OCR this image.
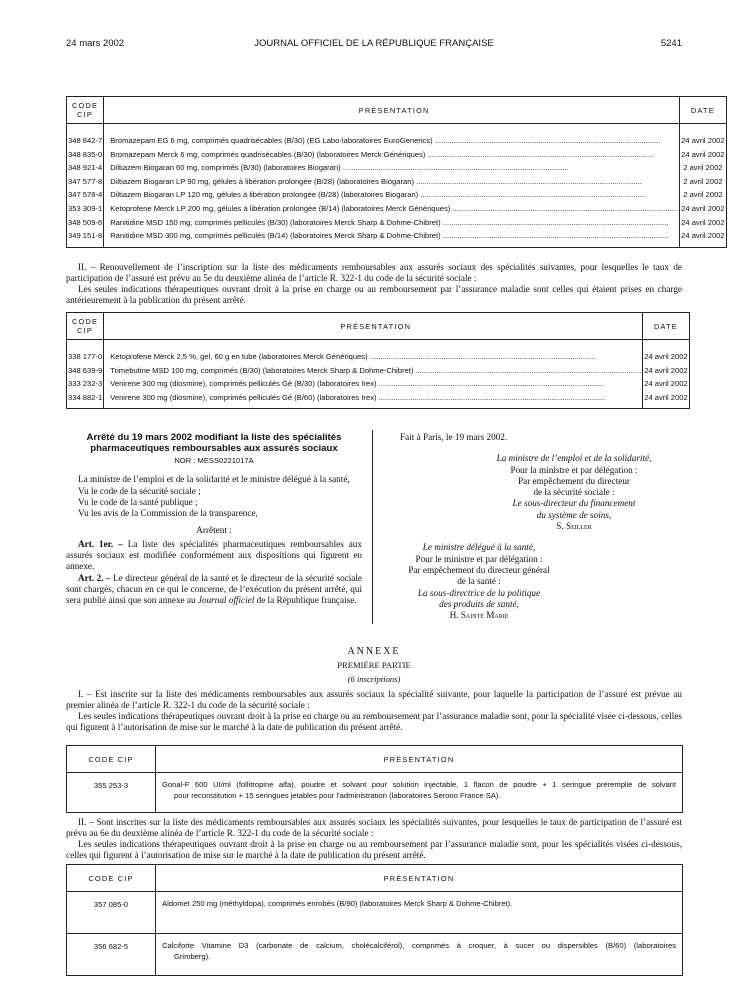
24 mars 2002	JOURNAL OFFICIEL DE LA RÉPUBLIQUE FRANÇAISE	5241
CODE CIP	PRÉSENTATION	DATE
348 842-7	Bromazepam EG 6 mg, comprimés quadrisécables (B/30) (EG Labo-laboratoires EuroGenerics) .....	24 avril 2002
348 835-0	Bromazepam Merck 6 mg, comprimés quadrisécables (B/30) (laboratoires Merck Génériques) .....	24 avril 2002
348 921-4	Diltiazem Biogaran 60 mg, comprimés (B/30) (laboratoires Biogaran) .....	2 avril 2002
347 577-8	Diltiazem Biogaran LP 90 mg, gélules à libération prolongée (B/28) (laboratoires Biogaran) .....	2 avril 2002
347 578-4	Diltiazem Biogaran LP 120 mg, gélules à libération prolongée (B/28) (laboratoires Biogaran) .....	2 avril 2002
353 309-1	Ketoprofene Merck LP 200 mg, gélules à libération prolongée (B/14) (laboratoires Merck Génériques) .....	24 avril 2002
348 509-6	Ranitidine MSD 150 mg, comprimés pelliculés (B/30) (laboratoires Merck Sharp & Dohme-Chibret) .....	24 avril 2002
349 151-8	Ranitidine MSD 300 mg, comprimés pelliculés (B/14) (laboratoires Merck Sharp & Dohme-Chibret) .....	24 avril 2002

II. – Renouvellement de l’inscription sur la liste des médicaments remboursables aux assurés sociaux des spécialités suivantes, pour lesquelles le taux de participation de l’assuré est prévu au 5e du deuxième alinéa de l’article R. 322-1 du code de la sécurité sociale :

Les seules indications thérapeutiques ouvrant droit à la prise en charge ou au remboursement par l’assurance maladie sont celles qui étaient prises en charge antérieurement à la publication du présent arrêté.

CODE CIP	PRÉSENTATION	DATE
338 177-0	Ketoprofene Merck 2,5 %, gel, 60 g en tube (laboratoires Merck Génériques) .....	24 avril 2002
348 639-9	Trimebutine MSD 100 mg, comprimés (B/30) (laboratoires Merck Sharp & Dohme-Chibret) .....	24 avril 2002
333 232-3	Venirene 300 mg (diosmine), comprimés pelliculés Gé (B/30) (laboratoires Irex) .....	24 avril 2002
334 882-1	Venirene 300 mg (diosmine), comprimés pelliculés Gé (B/60) (laboratoires Irex) .....	24 avril 2002
Arrêté du 19 mars 2002 modifiant la liste des spécialités pharmaceutiques remboursables aux assurés sociaux

NOR : MESS0221017A

La ministre de l’emploi et de la solidarité et le ministre délégué à la santé,

Vu le code de la sécurité sociale ;

Vu le code de la santé publique ;

Vu les avis de la Commission de la transparence,

Arrêtent :

Art. 1er. – La liste des spécialités pharmaceutiques remboursables aux assurés sociaux est modifiée conformément aux dispositions qui figurent en annexe.

Art. 2. – Le directeur général de la santé et le directeur de la sécurité sociale sont chargés, chacun en ce qui le concerne, de l’exécution du présent arrêté, qui sera publié ainsi que son annexe au Journal officiel de la République française.

Fait à Paris, le 19 mars 2002.
La ministre de l’emploi et de la solidarité,
Pour la ministre et par délégation :
Par empêchement du directeur
de la sécurité sociale :
Le sous-directeur du financement
du système de soins,
S. Seiller
Le ministre délégué à la santé,
Pour le ministre et par délégation :
Par empêchement du directeur général
de la santé :
La sous-directrice de la politique
des produits de santé,
H. Sainte Marie
ANNEXE
PREMIÈRE PARTIE
(6 inscriptions)

I. – Est inscrite sur la liste des médicaments remboursables aux assurés sociaux la spécialité suivante, pour laquelle la participation de l’assuré est prévue au premier alinéa de l’article R. 322-1 du code de la sécurité sociale :

Les seules indications thérapeutiques ouvrant droit à la prise en charge ou au remboursement par l’assurance maladie sont, pour la spécialité visée ci-dessous, celles qui figurent à l’autorisation de mise sur le marché à la date de publication du présent arrêté.

CODE CIP	PRÉSENTATION
355 253-3	Gonal-F 600 UI/ml (follitropine alfa), poudre et solvant pour solution injectable, 1 flacon de poudre + 1 seringue préremplie de solvant
pour reconstitution + 15 seringues jetables pour l’administration (laboratoires Serono France SA).

II. – Sont inscrites sur la liste des médicaments remboursables aux assurés sociaux les spécialités suivantes, pour lesquelles le taux de participation de l’assuré est prévu au 6e du deuxième alinéa de l’article R. 322-1 du code de la sécurité sociale :

Les seules indications thérapeutiques ouvrant droit à la prise en charge ou au remboursement par l’assurance maladie sont, pour les spécialités visées ci-dessous, celles qui figurent à l’autorisation de mise sur le marché à la date de publication du présent arrêté.

CODE CIP	PRÉSENTATION
357 085-0	Aldomet 250 mg (méthyldopa), comprimés enrobés (B/90) (laboratoires Merck Sharp & Dohme-Chibret).

356 682-5	Calciforte Vitamine D3 (carbonate de calcium, cholécalciférol), comprimés à croquer, à sucer ou dispersibles (B/60) (laboratoires
Grimberg).
